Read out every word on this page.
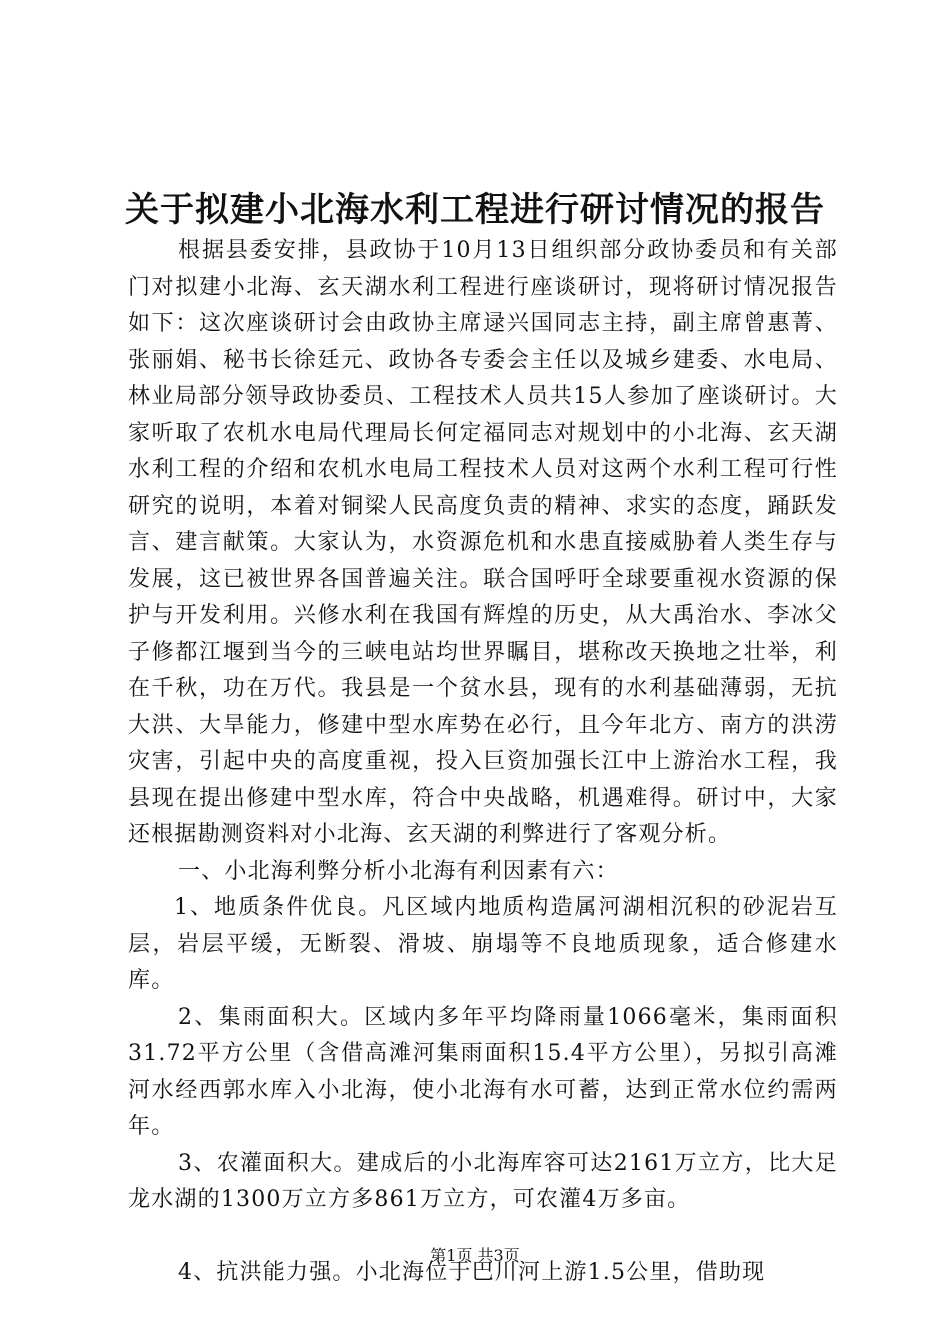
关于拟建小北海水利工程进行研讨情况的报告

根据县委安排，县政协于10月13日组织部分政协委员和有关部门对拟建小北海、玄天湖水利工程进行座谈研讨，现将研讨情况报告如下：这次座谈研讨会由政协主席逯兴国同志主持，副主席曾惠菁、张丽娟、秘书长徐廷元、政协各专委会主任以及城乡建委、水电局、林业局部分领导政协委员、工程技术人员共15人参加了座谈研讨。大家听取了农机水电局代理局长何定福同志对规划中的小北海、玄天湖水利工程的介绍和农机水电局工程技术人员对这两个水利工程可行性研究的说明，本着对铜梁人民高度负责的精神、求实的态度，踊跃发言、建言献策。大家认为，水资源危机和水患直接威胁着人类生存与发展，这已被世界各国普遍关注。联合国呼吁全球要重视水资源的保护与开发利用。兴修水利在我国有辉煌的历史，从大禹治水、李冰父子修都江堰到当今的三峡电站均世界瞩目，堪称改天换地之壮举，利在千秋，功在万代。我县是一个贫水县，现有的水利基础薄弱，无抗大洪、大旱能力，修建中型水库势在必行，且今年北方、南方的洪涝灾害，引起中央的高度重视，投入巨资加强长江中上游治水工程，我县现在提出修建中型水库，符合中央战略，机遇难得。研讨中，大家还根据勘测资料对小北海、玄天湖的利弊进行了客观分析。

一、小北海利弊分析小北海有利因素有六：

1、地质条件优良。凡区域内地质构造属河湖相沉积的砂泥岩互层，岩层平缓，无断裂、滑坡、崩塌等不良地质现象，适合修建水库。

2、集雨面积大。区域内多年平均降雨量1066毫米，集雨面积31.72平方公里（含借高滩河集雨面积15.4平方公里），另拟引高滩河水经西郭水库入小北海，使小北海有水可蓄，达到正常水位约需两年。

3、农灌面积大。建成后的小北海库容可达2161万立方，比大足龙水湖的1300万立方多861万立方，可农灌4万多亩。

4、抗洪能力强。小北海位于巴川河上游1.5公里，借助现

第1页 共3页
